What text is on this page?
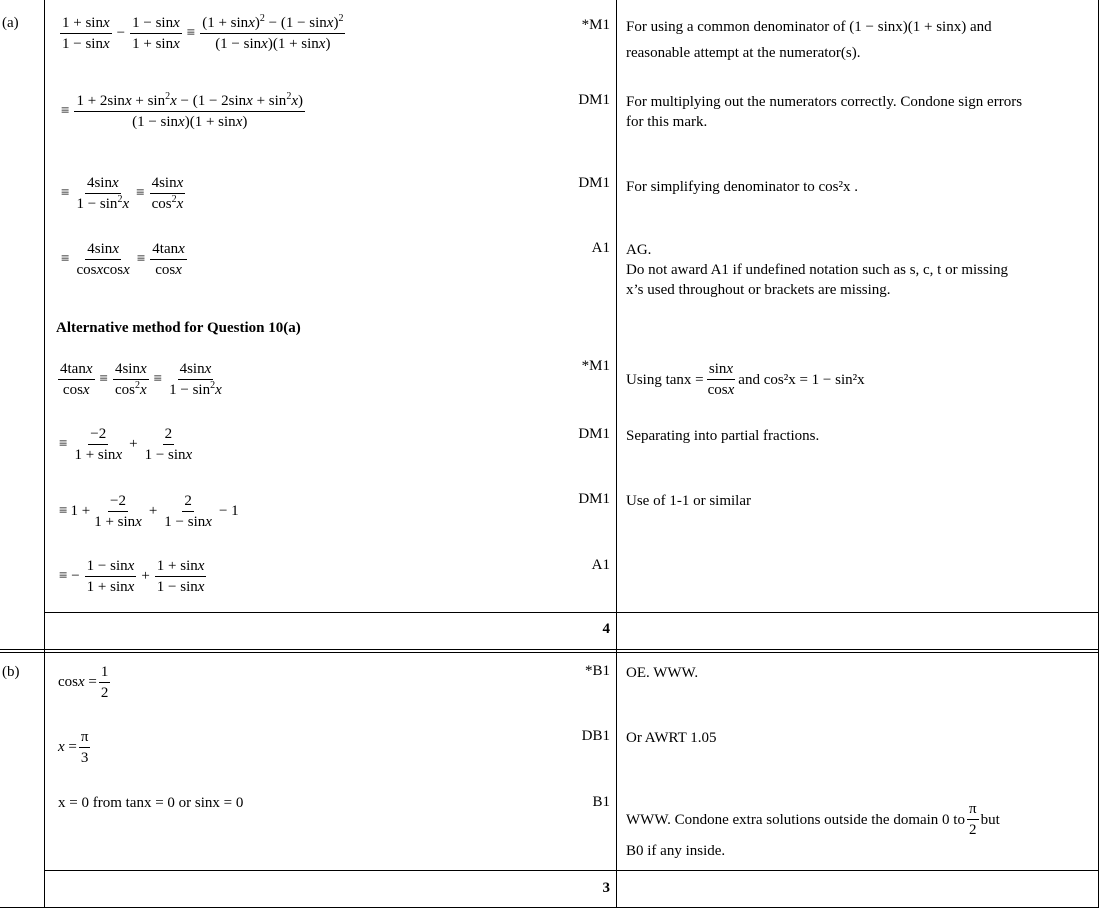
(a)
(b)
$\frac{1 + \sin x}{1 - \sin x} - \frac{1 - \sin x}{1 + \sin x} \equiv \frac{(1 + \sin x)^2 - (1 - \sin x)^2}{(1 - \sin x)(1 + \sin x)}$
≡ $\frac{1 + 2\sin x + \sin^2x - (1 - 2\sin x + \sin^2x)}{(1 - \sin x)(1 + \sin x)}$
≡ $\frac{4\sin x}{1 - \sin^2x} \equiv \frac{4\sin x}{\cos^2x}$
≡ $\frac{4\sin x}{\text{cosxcosx}} \equiv \frac{4\tan x}{\cos x}$
Alternative method for Question 10(a)
$\frac{4\tan x}{\cos x} \equiv \frac{4\sin x}{\cos^2x} \equiv \frac{4\sin x}{1 - \sin^2x}$
≡ $\frac{-2}{1 + \sin x} + \frac{2}{1 - \sin x}$
≡ $1 + \frac{-2}{1 + \sin x} + \frac{2}{1 - \sin x} - 1$
≡ − $\frac{1 - \sin x}{1 + \sin x} + \frac{1 + \sin x}{1 - \sin x}$
*M1
DM1
DM1
A1
*M1
DM1
DM1
A1
4
For using a common denominator of (1 − sinx)(1 + sinx) and
reasonable attempt at the numerator(s).
For multiplying out the numerators correctly. Condone sign errors
for this mark.
For simplifying denominator to cos²x .
AG.
Do not award A1 if undefined notation such as s, c, t or missing
x’s used throughout or brackets are missing.
Using $\tan x = \frac{\sin x}{\cos x}$ and cos²x = 1 − sin²x
Separating into partial fractions.
Use of 1-1 or similar
$\cos x = \frac{1}{2}$
$x = \frac{\pi}{3}$
x = 0 from tanx = 0 or sinx = 0
*B1
DB1
B1
3
OE. WWW.
Or AWRT 1.05
WWW. Condone extra solutions outside the domain 0 to $\frac{\pi}{2}$ but
B0 if any inside.
